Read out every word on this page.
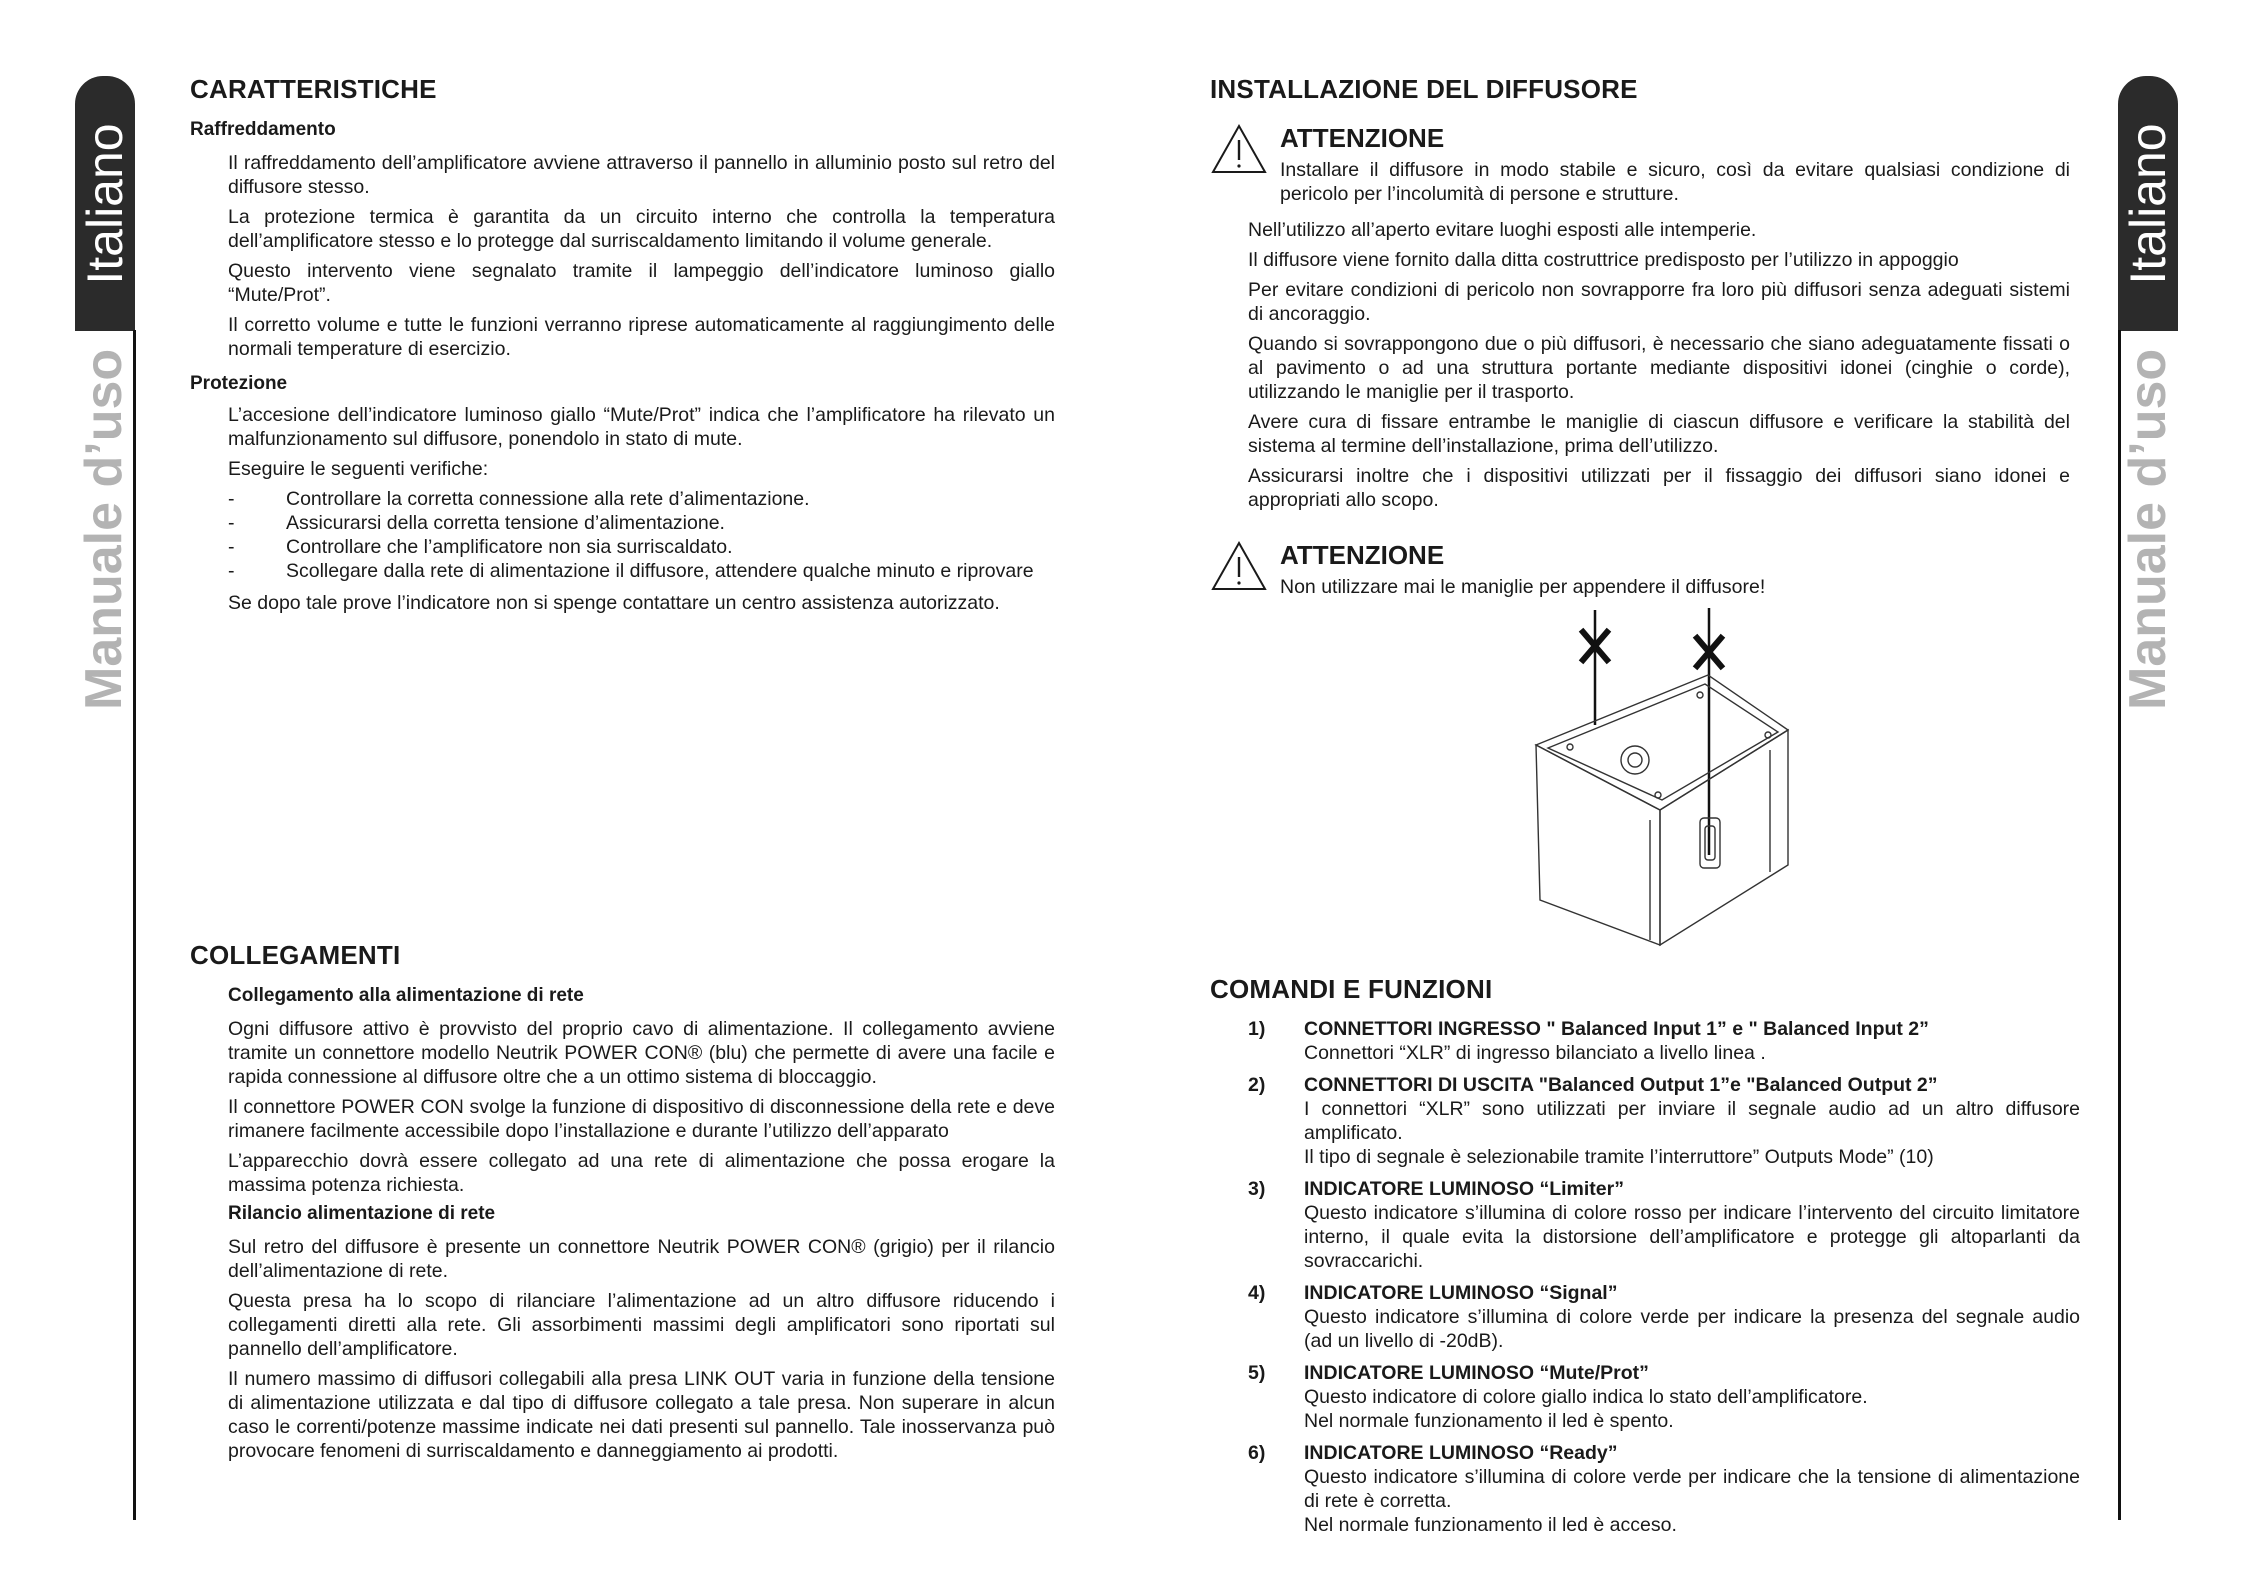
Italiano
Manuale d’uso
Italiano
Manuale d’uso
CARATTERISTICHE
Raffreddamento

Il raffreddamento dell’amplificatore avviene attraverso il pannello in alluminio posto sul retro del diffusore stesso.

La protezione termica è garantita da un circuito interno che controlla la temperatura dell’amplificatore stesso e lo protegge dal surriscaldamento limitando il volume generale.

Questo intervento viene segnalato tramite il lampeggio dell’indicatore luminoso giallo “Mute/Prot”.

Il corretto volume e tutte le funzioni verranno riprese automaticamente al raggiungimento delle normali temperature di esercizio.

Protezione

L’accesione dell’indicatore luminoso giallo “Mute/Prot” indica che l’amplificatore ha rilevato un malfunzionamento sul diffusore, ponendolo in stato di mute.

Eseguire le seguenti verifiche:

- Controllare la corretta connessione alla rete d’alimentazione.
- Assicurarsi della corretta tensione d’alimentazione.
- Controllare che l’amplificatore non sia surriscaldato.
- Scollegare dalla rete di alimentazione il diffusore, attendere qualche minuto e riprovare

Se dopo tale prove l’indicatore non si spenge contattare un centro assistenza autorizzato.

COLLEGAMENTI
Collegamento alla alimentazione di rete

Ogni diffusore attivo è provvisto del proprio cavo di alimentazione. Il collegamento avviene tramite un connettore modello Neutrik POWER CON® (blu) che permette di avere una facile e rapida connessione al diffusore oltre che a un ottimo sistema di bloccaggio.

Il connettore POWER CON svolge la funzione di dispositivo di disconnessione della rete e deve rimanere facilmente accessibile dopo l’installazione e durante l’utilizzo dell’apparato

L’apparecchio dovrà essere collegato ad una rete di alimentazione che possa erogare la massima potenza richiesta.

Rilancio alimentazione di rete

Sul retro del diffusore è presente un connettore Neutrik POWER CON® (grigio) per il rilancio dell’alimentazione di rete.

Questa presa ha lo scopo di rilanciare l’alimentazione ad un altro diffusore riducendo i collegamenti diretti alla rete. Gli assorbimenti massimi degli amplificatori sono riportati sul pannello dell’amplificatore.

Il numero massimo di diffusori collegabili alla presa LINK OUT varia in funzione della tensione di alimentazione utilizzata e dal tipo di diffusore collegato a tale presa. Non superare in alcun caso le correnti/potenze massime indicate nei dati presenti sul pannello. Tale inosservanza può provocare fenomeni di surriscaldamento e danneggiamento ai prodotti.

INSTALLAZIONE DEL DIFFUSORE
ATTENZIONE

Installare il diffusore in modo stabile e sicuro, così da evitare qualsiasi condizione di pericolo per l’incolumità di persone e strutture.

Nell’utilizzo all’aperto evitare luoghi esposti alle intemperie.

Il diffusore viene fornito dalla ditta costruttrice predisposto per l’utilizzo in appoggio

Per evitare condizioni di pericolo non sovrapporre fra loro più diffusori senza adeguati sistemi di ancoraggio.

Quando si sovrappongono due o più diffusori, è necessario che siano adeguatamente fissati o al pavimento o ad una struttura portante mediante dispositivi idonei (cinghie o corde), utilizzando le maniglie per il trasporto.

Avere cura di fissare entrambe le maniglie di ciascun diffusore e verificare la stabilità del sistema al termine dell’installazione, prima dell’utilizzo.

Assicurarsi inoltre che i dispositivi utilizzati per il fissaggio dei diffusori siano idonei e appropriati allo scopo.

ATTENZIONE

Non utilizzare mai le maniglie per appendere il diffusore!

COMANDI E FUNZIONI
1)	CONNETTORI INGRESSO " Balanced Input 1” e " Balanced Input 2”

Connettori “XLR” di ingresso bilanciato a livello linea .

2)	CONNETTORI DI USCITA "Balanced Output 1”e "Balanced Output 2”

I connettori “XLR” sono utilizzati per inviare il segnale audio ad un altro diffusore amplificato.

Il tipo di segnale è selezionabile tramite l’interruttore” Outputs Mode” (10)

3)	INDICATORE LUMINOSO “Limiter”

Questo indicatore s’illumina di colore rosso per indicare l’intervento del circuito limitatore interno, il quale evita la distorsione dell’amplificatore e protegge gli altoparlanti da sovraccarichi.

4)	INDICATORE LUMINOSO “Signal”

Questo indicatore s’illumina di colore verde per indicare la presenza del segnale audio (ad un livello di -20dB).

5)	INDICATORE LUMINOSO “Mute/Prot”

Questo indicatore di colore giallo indica lo stato dell’amplificatore.

Nel normale funzionamento il led è spento.

6)	INDICATORE LUMINOSO “Ready”

Questo indicatore s’illumina di colore verde per indicare che la tensione di alimentazione di rete è corretta.

Nel normale funzionamento il led è acceso.
